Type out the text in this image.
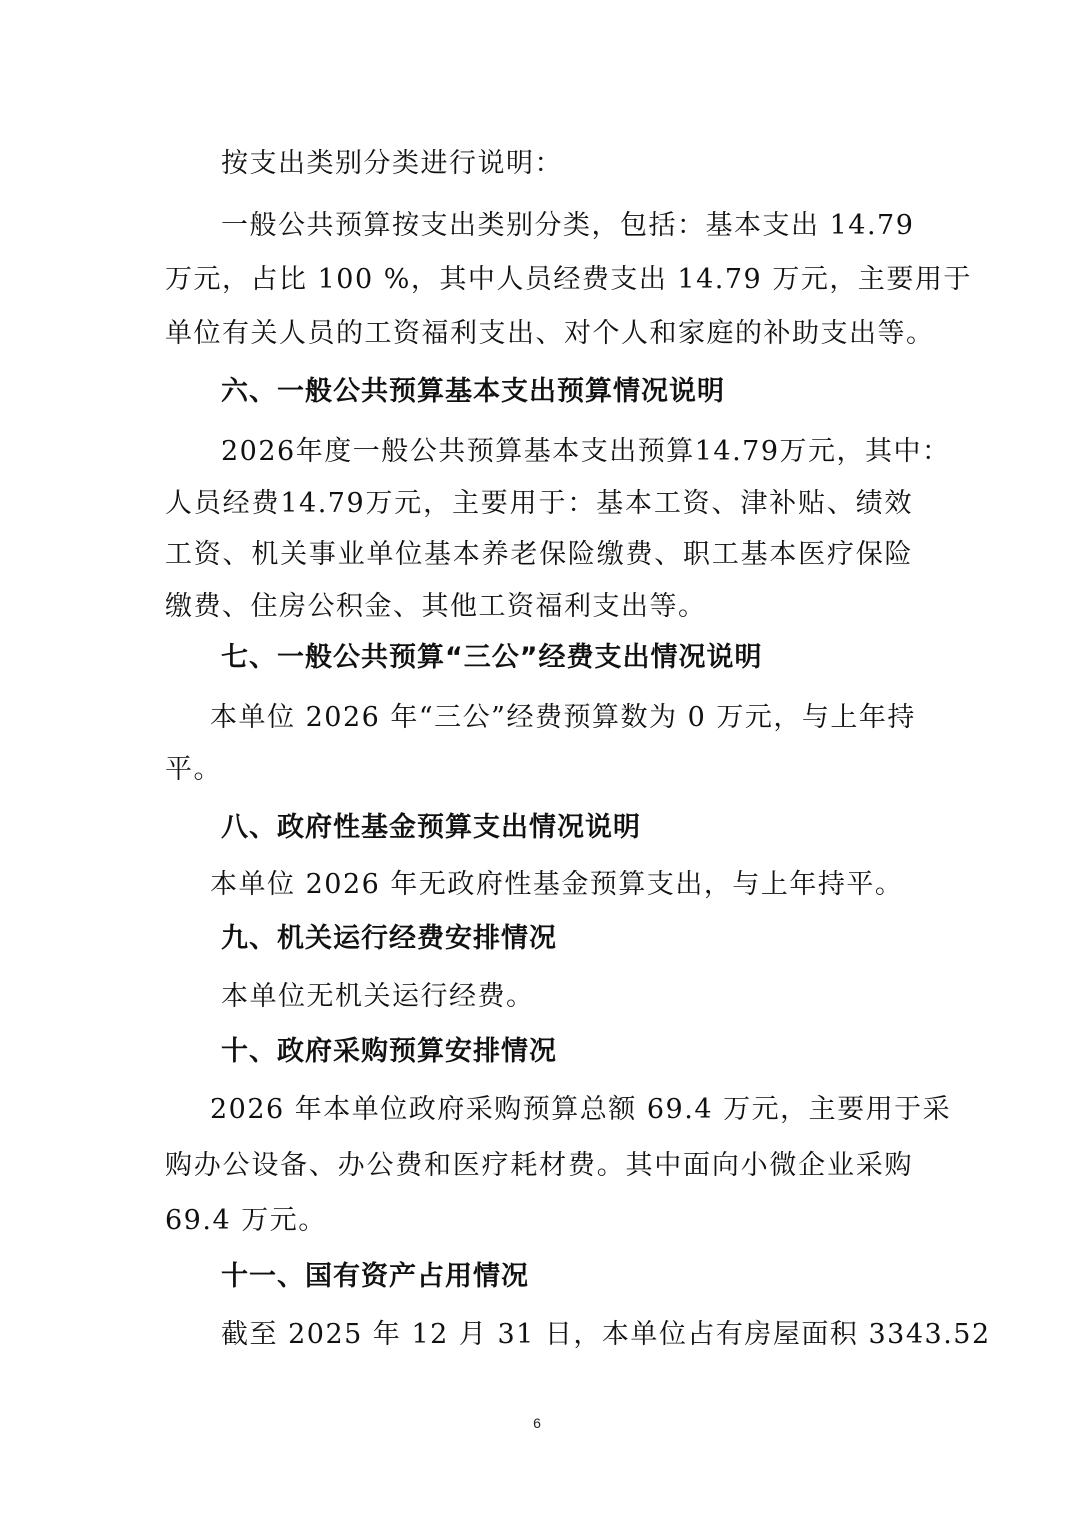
按支出类别分类进行说明：
一般公共预算按支出类别分类，包括：基本支出 14.79
万元，占比 100 %，其中人员经费支出 14.79 万元，主要用于
单位有关人员的工资福利支出、对个人和家庭的补助支出等。
六、一般公共预算基本支出预算情况说明
2026年度一般公共预算基本支出预算14.79万元，其中：
人员经费14.79万元，主要用于：基本工资、津补贴、绩效
工资、机关事业单位基本养老保险缴费、职工基本医疗保险
缴费、住房公积金、其他工资福利支出等。
七、一般公共预算“三公”经费支出情况说明
本单位 2026 年“三公”经费预算数为 0 万元，与上年持
平。
八、政府性基金预算支出情况说明
本单位 2026 年无政府性基金预算支出，与上年持平。
九、机关运行经费安排情况
本单位无机关运行经费。
十、政府采购预算安排情况
2026 年本单位政府采购预算总额 69.4 万元，主要用于采
购办公设备、办公费和医疗耗材费。其中面向小微企业采购
69.4 万元。
十一、国有资产占用情况
截至 2025 年 12 月 31 日，本单位占有房屋面积 3343.52
6
